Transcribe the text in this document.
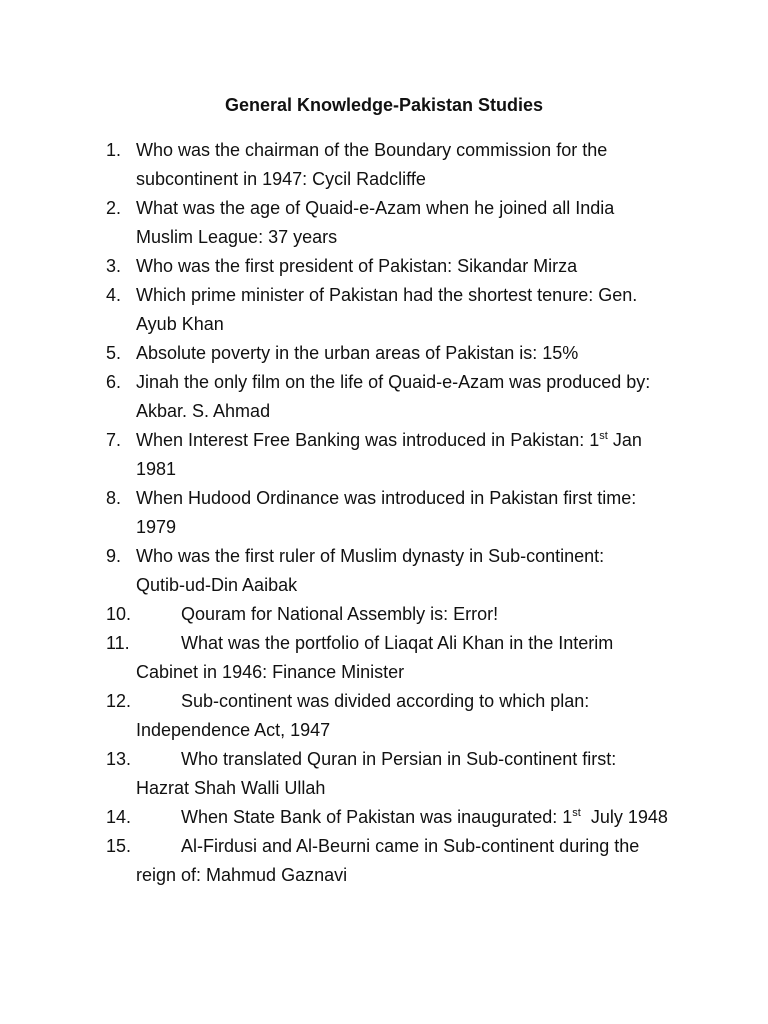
General Knowledge-Pakistan Studies
1. Who was the chairman of the Boundary commission for the
subcontinent in 1947: Cycil Radcliffe
2. What was the age of Quaid-e-Azam when he joined all India
Muslim League: 37 years
3. Who was the first president of Pakistan: Sikandar Mirza
4. Which prime minister of Pakistan had the shortest tenure: Gen.
Ayub Khan
5. Absolute poverty in the urban areas of Pakistan is: 15%
6. Jinah the only film on the life of Quaid-e-Azam was produced by:
Akbar. S. Ahmad
7. When Interest Free Banking was introduced in Pakistan: 1st Jan
1981
8. When Hudood Ordinance was introduced in Pakistan first time:
1979
9. Who was the first ruler of Muslim dynasty in Sub-continent:
Qutib-ud-Din Aaibak
10.	Qouram for National Assembly is: Error!
11.	What was the portfolio of Liaqat Ali Khan in the Interim
Cabinet in 1946: Finance Minister
12.	Sub-continent was divided according to which plan:
Independence Act, 1947
13.	Who translated Quran in Persian in Sub-continent first:
Hazrat Shah Walli Ullah
14.	When State Bank of Pakistan was inaugurated: 1st  July 1948
15.	Al-Firdusi and Al-Beurni came in Sub-continent during the
reign of: Mahmud Gaznavi
